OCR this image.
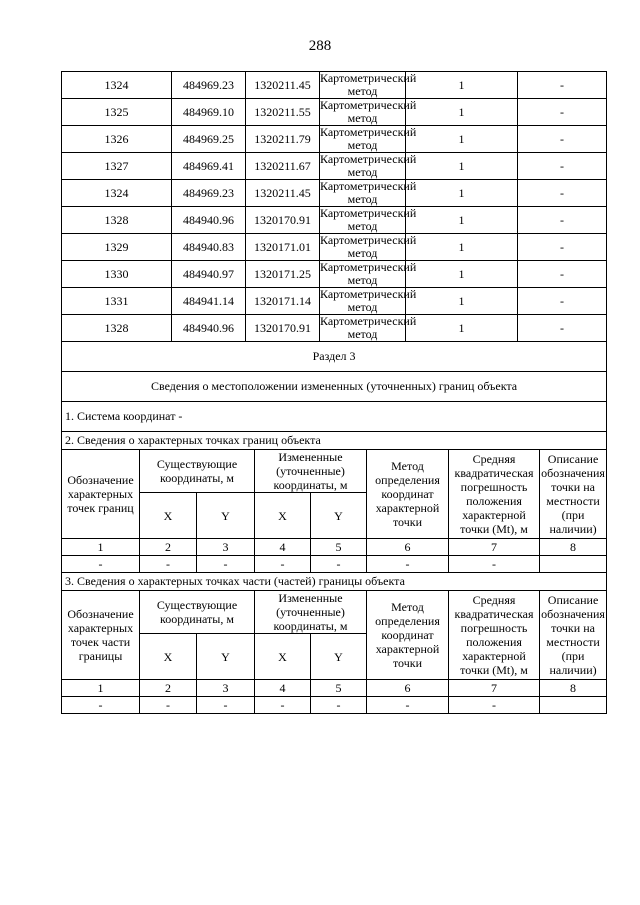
288
1324	484969.23	1320211.45	Картометрический метод	1	-
1325	484969.10	1320211.55	Картометрический метод	1	-
1326	484969.25	1320211.79	Картометрический метод	1	-
1327	484969.41	1320211.67	Картометрический метод	1	-
1324	484969.23	1320211.45	Картометрический метод	1	-
1328	484940.96	1320170.91	Картометрический метод	1	-
1329	484940.83	1320171.01	Картометрический метод	1	-
1330	484940.97	1320171.25	Картометрический метод	1	-
1331	484941.14	1320171.14	Картометрический метод	1	-
1328	484940.96	1320170.91	Картометрический метод	1	-
Раздел 3							
Сведения о местоположении измененных (уточненных) границ объекта							
1. Система координат -							
2. Сведения о характерных точках границ объекта							
Обозначение характерных точек границ	Существующие координаты, м		Измененные (уточненные) координаты, м		Метод определения координат характерной точки	Средняя квадратическая погрешность положения характерной точки (Mt), м	Описание обозначения точки на местности (при наличии)
	X	Y	X	Y			
1	2	3	4	5	6	7	8
-	-	-	-	-	-	-	
3. Сведения о характерных точках части (частей) границы объекта							
Обозначение характерных точек части границы	Существующие координаты, м		Измененные (уточненные) координаты, м		Метод определения координат характерной точки	Средняя квадратическая погрешность положения характерной точки (Mt), м	Описание обозначения точки на местности (при наличии)
	X	Y	X	Y			
1	2	3	4	5	6	7	8
-	-	-	-	-	-	-	
